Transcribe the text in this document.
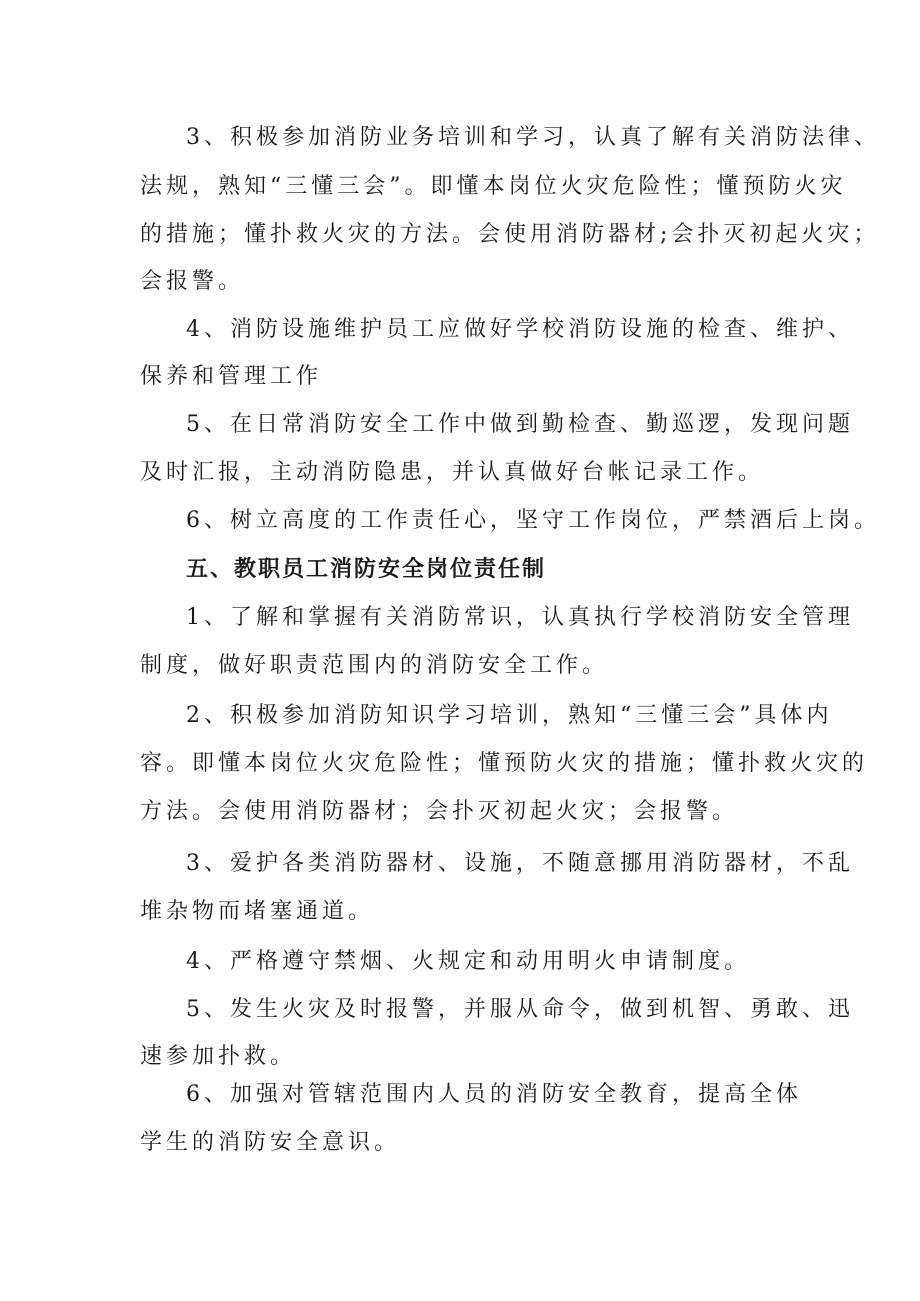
3、积极参加消防业务培训和学习，认真了解有关消防法律、
法规，熟知“三懂三会”。即懂本岗位火灾危险性；懂预防火灾
的措施；懂扑救火灾的方法。会使用消防器材;会扑灭初起火灾；
会报警。
4、消防设施维护员工应做好学校消防设施的检查、维护、
保养和管理工作
5、在日常消防安全工作中做到勤检查、勤巡逻，发现问题
及时汇报，主动消防隐患，并认真做好台帐记录工作。
6、树立高度的工作责任心，坚守工作岗位，严禁酒后上岗。
五、教职员工消防安全岗位责任制
1、了解和掌握有关消防常识，认真执行学校消防安全管理
制度，做好职责范围内的消防安全工作。
2、积极参加消防知识学习培训，熟知“三懂三会”具体内
容。即懂本岗位火灾危险性；懂预防火灾的措施；懂扑救火灾的
方法。会使用消防器材；会扑灭初起火灾；会报警。
3、爱护各类消防器材、设施，不随意挪用消防器材，不乱
堆杂物而堵塞通道。
4、严格遵守禁烟、火规定和动用明火申请制度。
5、发生火灾及时报警，并服从命令，做到机智、勇敢、迅
速参加扑救。
6、加强对管辖范围内人员的消防安全教育，提高全体
学生的消防安全意识。
